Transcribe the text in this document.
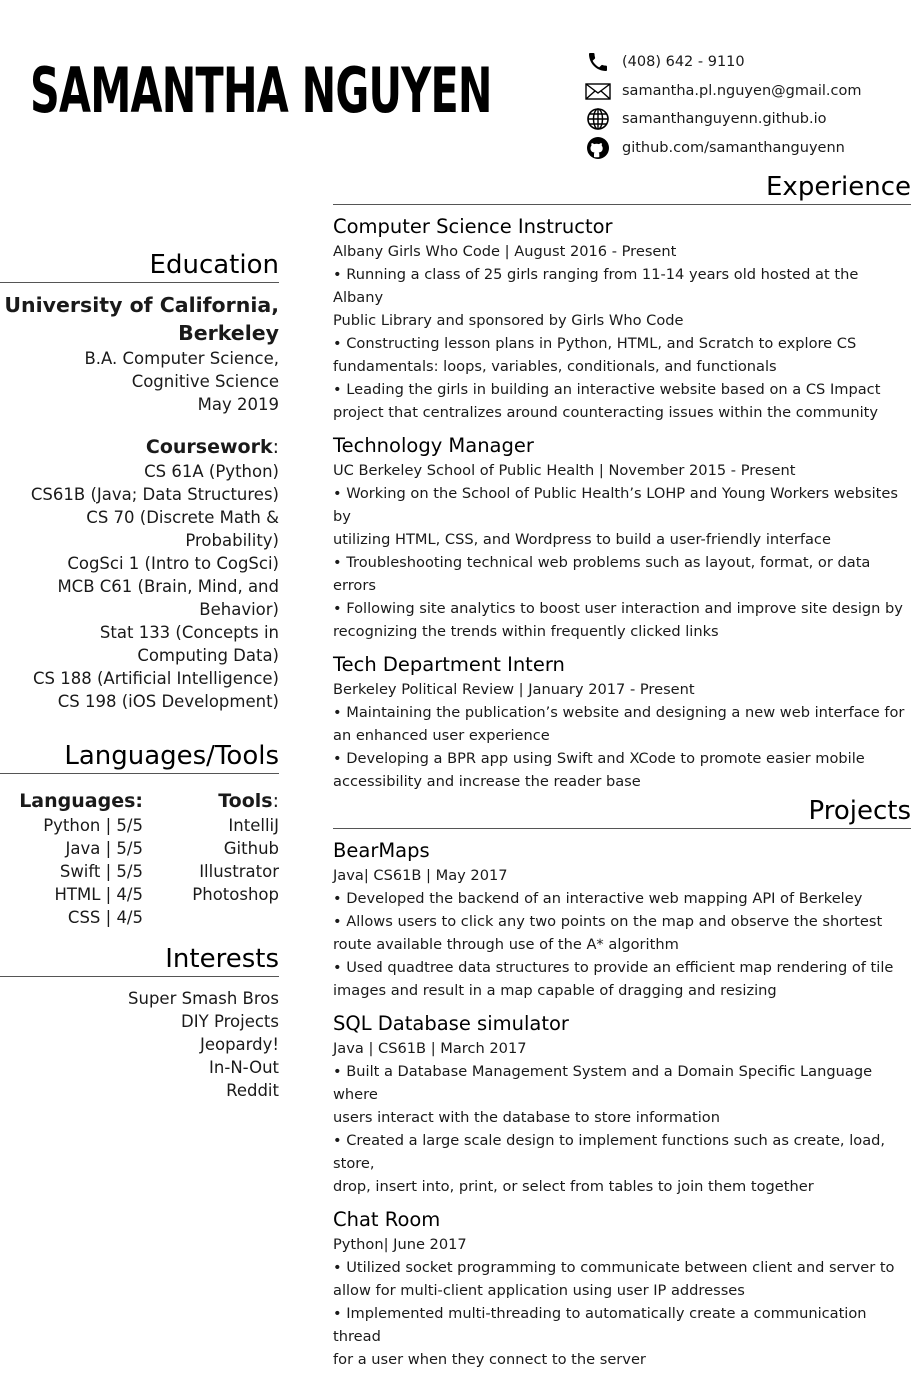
SAMANTHA NGUYEN	(408) 642 - 9110
samantha.pl.nguyen@gmail.com
samanthanguyenn.github.io
github.com/samanthanguyenn
Education
University of California,
Berkeley
B.A. Computer Science,
Cognitive Science
May 2019
Coursework:
CS 61A (Python)
CS61B (Java; Data Structures)
CS 70 (Discrete Math &
Probability)
CogSci 1 (Intro to CogSci)
MCB C61 (Brain, Mind, and
Behavior)
Stat 133 (Concepts in
Computing Data)
CS 188 (Artificial Intelligence)
CS 198 (iOS Development)
Languages/Tools
Languages:
Python | 5/5
Java | 5/5
Swift | 5/5
HTML | 4/5
CSS | 4/5
Tools:
IntelliJ
Github
Illustrator
Photoshop
Interests
Super Smash Bros
DIY Projects
Jeopardy!
In-N-Out
Reddit
Experience
Computer Science Instructor
Albany Girls Who Code | August 2016 - Present
• Running a class of 25 girls ranging from 11-14 years old hosted at the Albany
Public Library and sponsored by Girls Who Code
• Constructing lesson plans in Python, HTML, and Scratch to explore CS
fundamentals: loops, variables, conditionals, and functionals
• Leading the girls in building an interactive website based on a CS Impact
project that centralizes around counteracting issues within the community
Technology Manager
UC Berkeley School of Public Health | November 2015 - Present
• Working on the School of Public Health’s LOHP and Young Workers websites by
utilizing HTML, CSS, and Wordpress to build a user-friendly interface
• Troubleshooting technical web problems such as layout, format, or data errors
• Following site analytics to boost user interaction and improve site design by
recognizing the trends within frequently clicked links
Tech Department Intern
Berkeley Political Review | January 2017 - Present
• Maintaining the publication’s website and designing a new web interface for
an enhanced user experience
• Developing a BPR app using Swift and XCode to promote easier mobile
accessibility and increase the reader base
Projects
BearMaps
Java| CS61B | May 2017
• Developed the backend of an interactive web mapping API of Berkeley
• Allows users to click any two points on the map and observe the shortest
route available through use of the A* algorithm
• Used quadtree data structures to provide an efficient map rendering of tile
images and result in a map capable of dragging and resizing
SQL Database simulator
Java | CS61B | March 2017
• Built a Database Management System and a Domain Specific Language where
users interact with the database to store information
• Created a large scale design to implement functions such as create, load, store,
drop, insert into, print, or select from tables to join them together
Chat Room
Python| June 2017
• Utilized socket programming to communicate between client and server to
allow for multi-client application using user IP addresses
• Implemented multi-threading to automatically create a communication thread
for a user when they connect to the server
